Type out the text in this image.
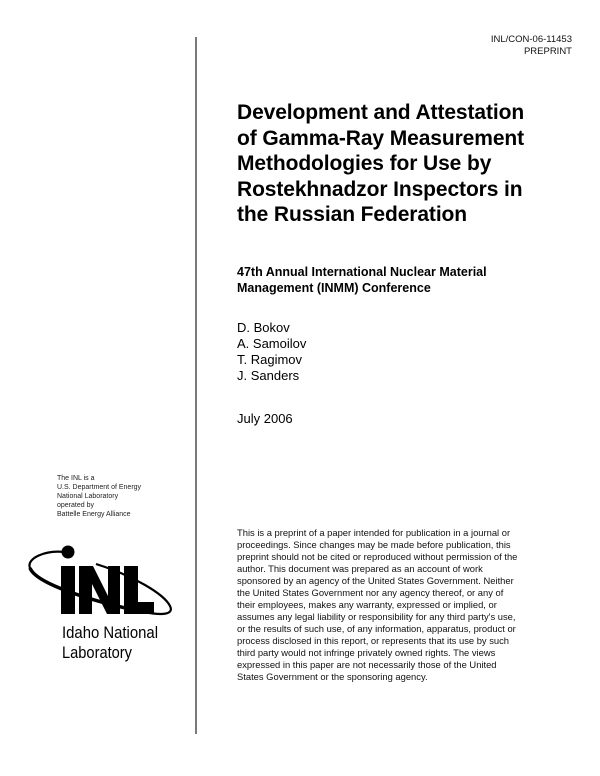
INL/CON-06-11453
PREPRINT
Development and Attestation
of Gamma-Ray Measurement
Methodologies for Use by
Rostekhnadzor Inspectors in
the Russian Federation
47th Annual International Nuclear Material
Management (INMM) Conference
D. Bokov
A. Samoilov
T. Ragimov
J. Sanders
July 2006
The INL is a
U.S. Department of Energy
National Laboratory
operated by
Battelle Energy Alliance
Idaho National
Laboratory
This is a preprint of a paper intended for publication in a journal or
proceedings. Since changes may be made before publication, this
preprint should not be cited or reproduced without permission of the
author. This document was prepared as an account of work
sponsored by an agency of the United States Government. Neither
the United States Government nor any agency thereof, or any of
their employees, makes any warranty, expressed or implied, or
assumes any legal liability or responsibility for any third party's use,
or the results of such use, of any information, apparatus, product or
process disclosed in this report, or represents that its use by such
third party would not infringe privately owned rights. The views
expressed in this paper are not necessarily those of the United
States Government or the sponsoring agency.
